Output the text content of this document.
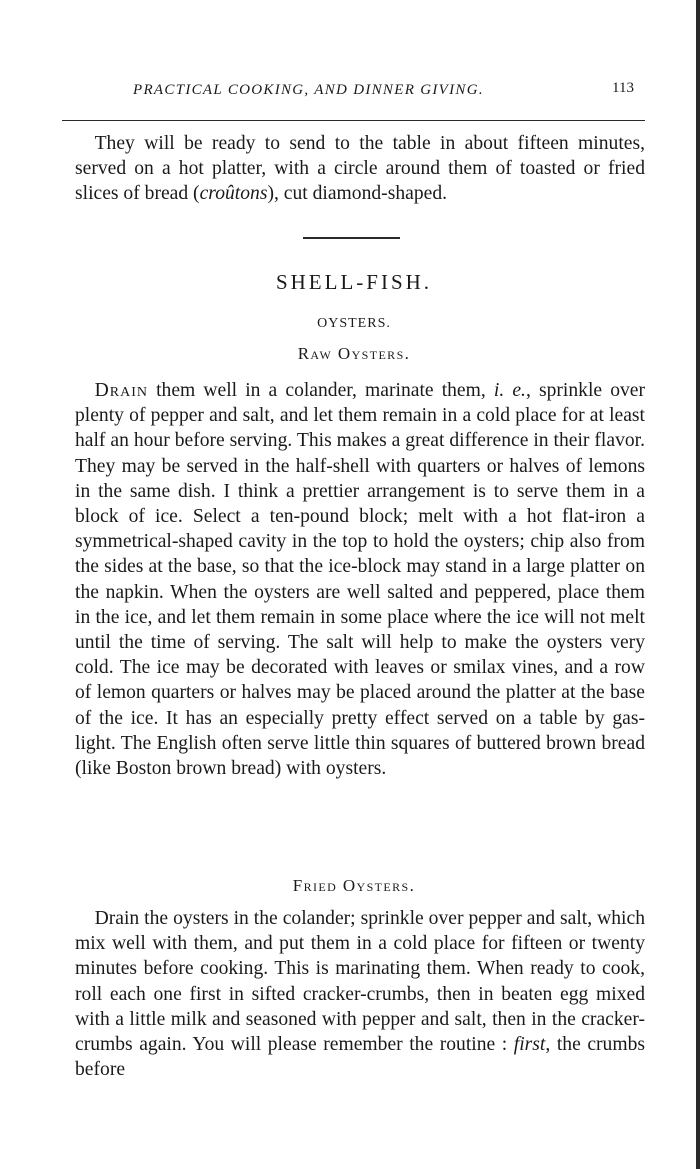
PRACTICAL COOKING, AND DINNER GIVING.	113

 They will be ready to send to the table in about fifteen minutes, served on a hot platter, with a circle around them of toasted or fried slices of bread (croûtons), cut diamond-shaped.

SHELL-FISH.
OYSTERS.
Raw Oysters.

 Drain them well in a colander, marinate them, i. e., sprinkle over plenty of pepper and salt, and let them remain in a cold place for at least half an hour before serving. This makes a great difference in their flavor. They may be served in the half-shell with quarters or halves of lemons in the same dish. I think a prettier arrangement is to serve them in a block of ice. Select a ten-pound block; melt with a hot flat-iron a symmetrical-shaped cavity in the top to hold the oysters; chip also from the sides at the base, so that the ice-block may stand in a large platter on the napkin. When the oysters are well salted and peppered, place them in the ice, and let them remain in some place where the ice will not melt until the time of serving. The salt will help to make the oysters very cold. The ice may be decorated with leaves or smilax vines, and a row of lemon quarters or halves may be placed around the platter at the base of the ice. It has an especially pretty effect served on a table by gas-light. The English often serve little thin squares of buttered brown bread (like Boston brown bread) with oysters.

Fried Oysters.

 Drain the oysters in the colander; sprinkle over pepper and salt, which mix well with them, and put them in a cold place for fifteen or twenty minutes before cooking. This is marinating them. When ready to cook, roll each one first in sifted cracker-crumbs, then in beaten egg mixed with a little milk and seasoned with pepper and salt, then in the cracker-crumbs again. You will please remember the routine : first, the crumbs before
